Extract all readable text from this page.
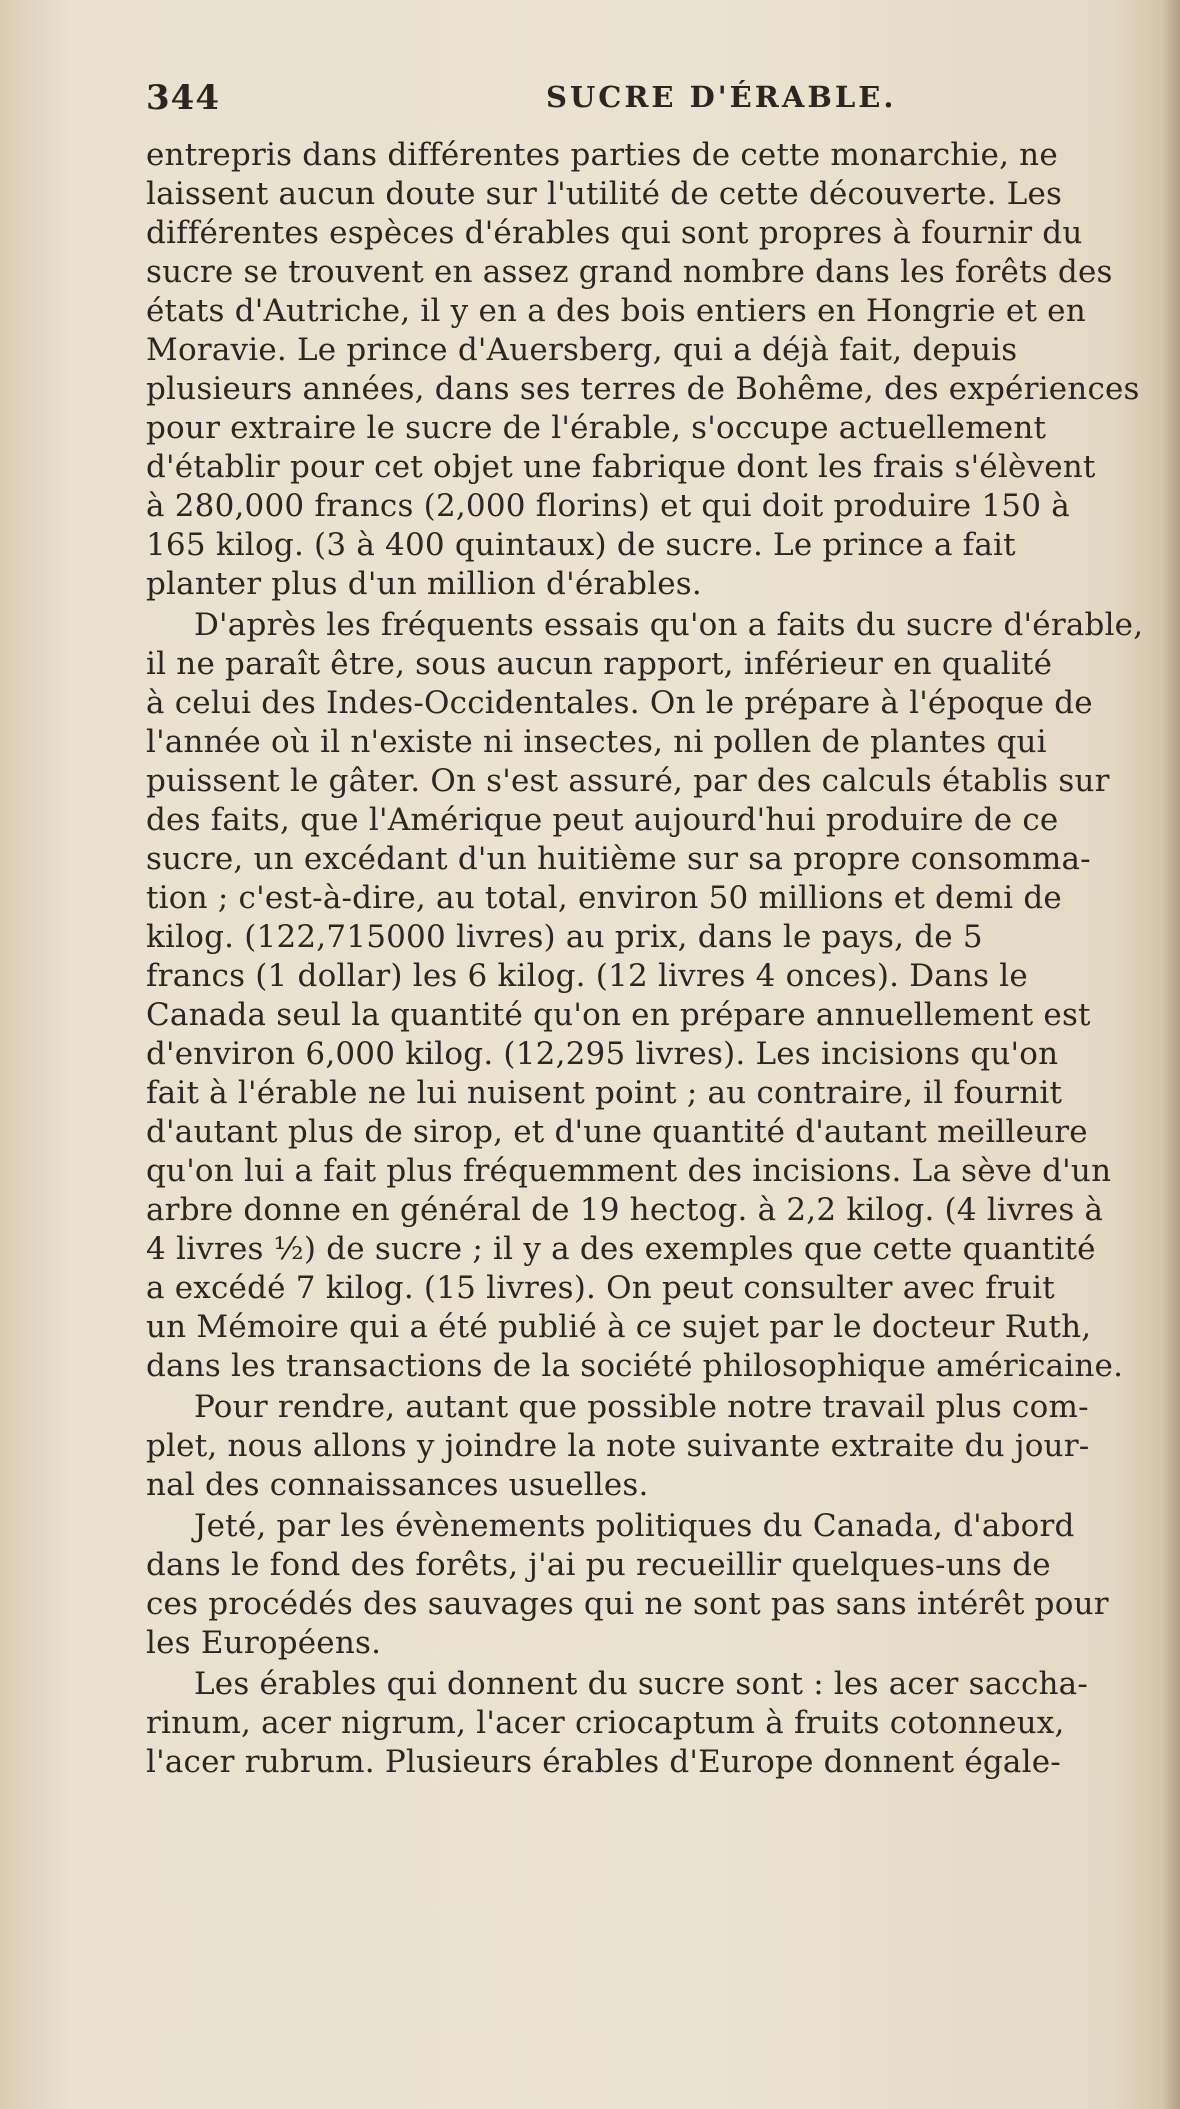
344	SUCRE D'ÉRABLE.
entrepris dans différentes parties de cette monarchie, ne
laissent aucun doute sur l'utilité de cette découverte. Les
différentes espèces d'érables qui sont propres à fournir du
sucre se trouvent en assez grand nombre dans les forêts des
états d'Autriche, il y en a des bois entiers en Hongrie et en
Moravie. Le prince d'Auersberg, qui a déjà fait, depuis
plusieurs années, dans ses terres de Bohême, des expériences
pour extraire le sucre de l'érable, s'occupe actuellement
d'établir pour cet objet une fabrique dont les frais s'élèvent
à 280,000 francs (2,000 florins) et qui doit produire 150 à
165 kilog. (3 à 400 quintaux) de sucre. Le prince a fait
planter plus d'un million d'érables.
D'après les fréquents essais qu'on a faits du sucre d'érable,
il ne paraît être, sous aucun rapport, inférieur en qualité
à celui des Indes-Occidentales. On le prépare à l'époque de
l'année où il n'existe ni insectes, ni pollen de plantes qui
puissent le gâter. On s'est assuré, par des calculs établis sur
des faits, que l'Amérique peut aujourd'hui produire de ce
sucre, un excédant d'un huitième sur sa propre consomma-
tion ; c'est-à-dire, au total, environ 50 millions et demi de
kilog. (122,715000 livres) au prix, dans le pays, de 5
francs (1 dollar) les 6 kilog. (12 livres 4 onces). Dans le
Canada seul la quantité qu'on en prépare annuellement est
d'environ 6,000 kilog. (12,295 livres). Les incisions qu'on
fait à l'érable ne lui nuisent point ; au contraire, il fournit
d'autant plus de sirop, et d'une quantité d'autant meilleure
qu'on lui a fait plus fréquemment des incisions. La sève d'un
arbre donne en général de 19 hectog. à 2,2 kilog. (4 livres à
4 livres ½) de sucre ; il y a des exemples que cette quantité
a excédé 7 kilog. (15 livres). On peut consulter avec fruit
un Mémoire qui a été publié à ce sujet par le docteur Ruth,
dans les transactions de la société philosophique américaine.
Pour rendre, autant que possible notre travail plus com-
plet, nous allons y joindre la note suivante extraite du jour-
nal des connaissances usuelles.
Jeté, par les évènements politiques du Canada, d'abord
dans le fond des forêts, j'ai pu recueillir quelques-uns de
ces procédés des sauvages qui ne sont pas sans intérêt pour
les Européens.
Les érables qui donnent du sucre sont : les acer saccha-
rinum, acer nigrum, l'acer criocaptum à fruits cotonneux,
l'acer rubrum. Plusieurs érables d'Europe donnent égale-
